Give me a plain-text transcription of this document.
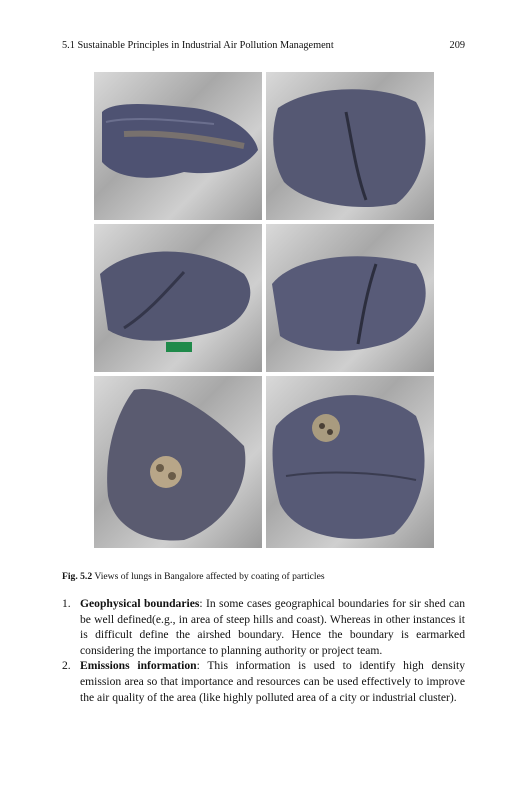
5.1 Sustainable Principles in Industrial Air Pollution Management	209
Fig. 5.2 Views of lungs in Bangalore affected by coating of particles
1. Geophysical boundaries: In some cases geographical boundaries for sir shed can be well defined(e.g., in area of steep hills and coast). Whereas in other instances it is difficult define the airshed boundary. Hence the boundary is earmarked considering the importance to planning authority or project team.
2. Emissions information: This information is used to identify high density emission area so that importance and resources can be used effectively to improve the air quality of the area (like highly polluted area of a city or industrial cluster).
